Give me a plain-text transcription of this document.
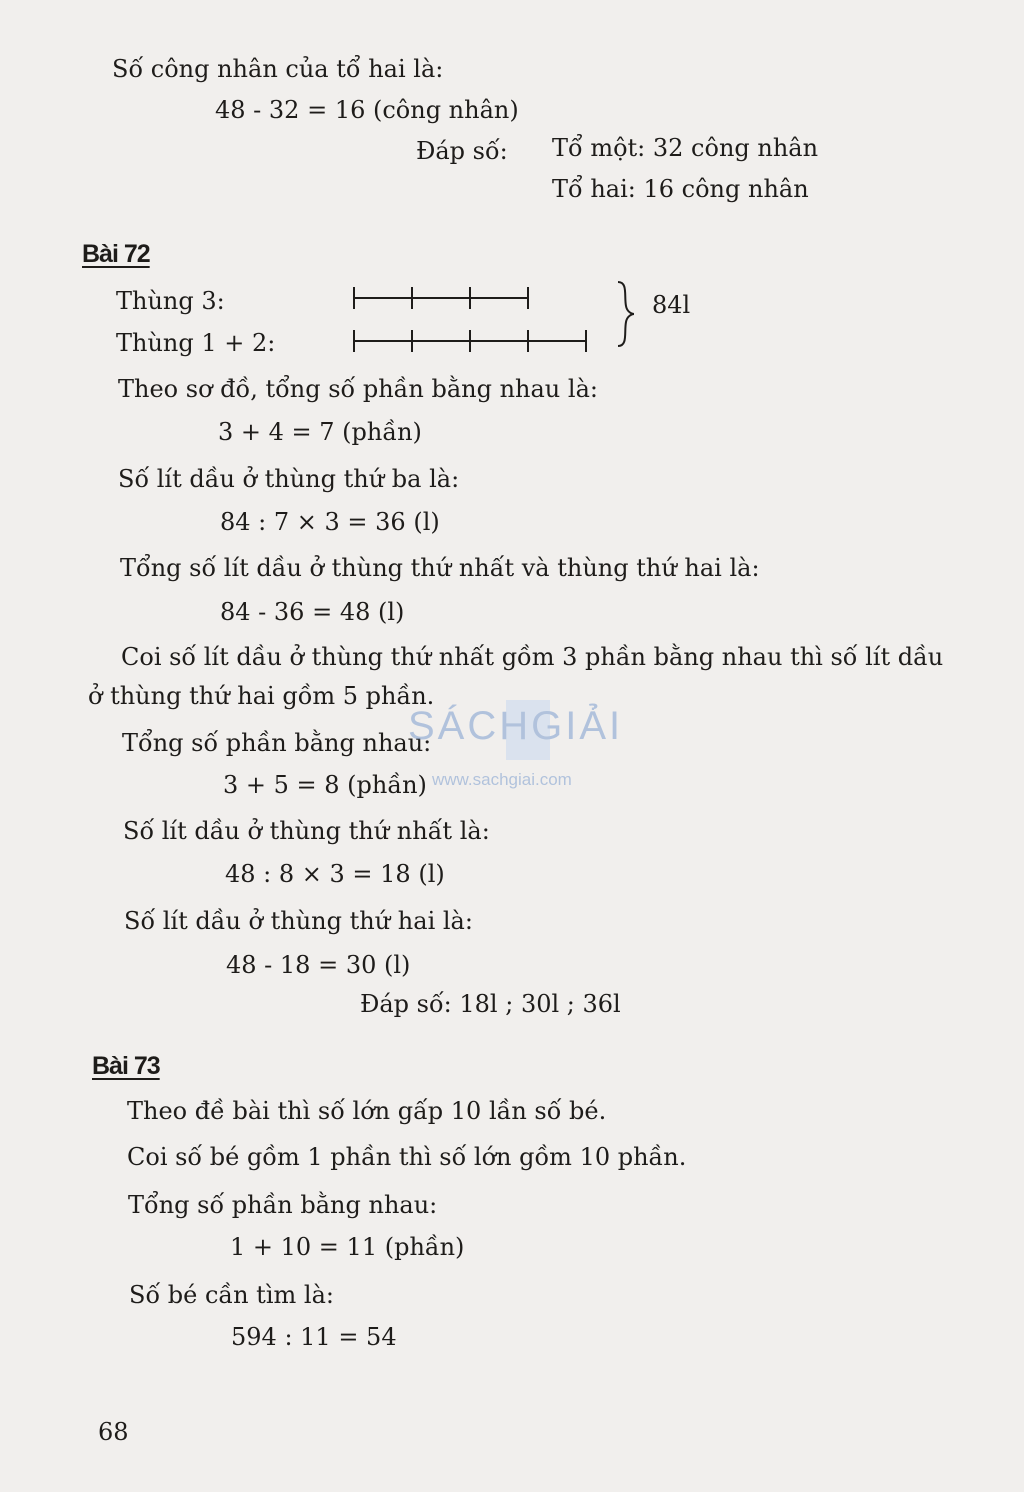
Số công nhân của tổ hai là:
48 - 32 = 16 (công nhân)
Đáp số: Tổ một: 32 công nhân
Tổ hai: 16 công nhân
Bài 72
Thùng 3:
Thùng 1 + 2:
84l
Theo sơ đồ, tổng số phần bằng nhau là:
3 + 4 = 7 (phần)
Số lít dầu ở thùng thứ ba là:
84 : 7 × 3 = 36 (l)
Tổng số lít dầu ở thùng thứ nhất và thùng thứ hai là:
84 - 36 = 48 (l)
Coi số lít dầu ở thùng thứ nhất gồm 3 phần bằng nhau thì số lít dầu
ở thùng thứ hai gồm 5 phần.
Tổng số phần bằng nhau:
3 + 5 = 8 (phần)
Số lít dầu ở thùng thứ nhất là:
48 : 8 × 3 = 18 (l)
Số lít dầu ở thùng thứ hai là:
48 - 18 = 30 (l)
Đáp số: 18l ; 30l ; 36l
Bài 73
Theo đề bài thì số lớn gấp 10 lần số bé.
Coi số bé gồm 1 phần thì số lớn gồm 10 phần.
Tổng số phần bằng nhau:
1 + 10 = 11 (phần)
Số bé cần tìm là:
594 : 11 = 54
SÁCHGIẢI
www.sachgiai.com
68
